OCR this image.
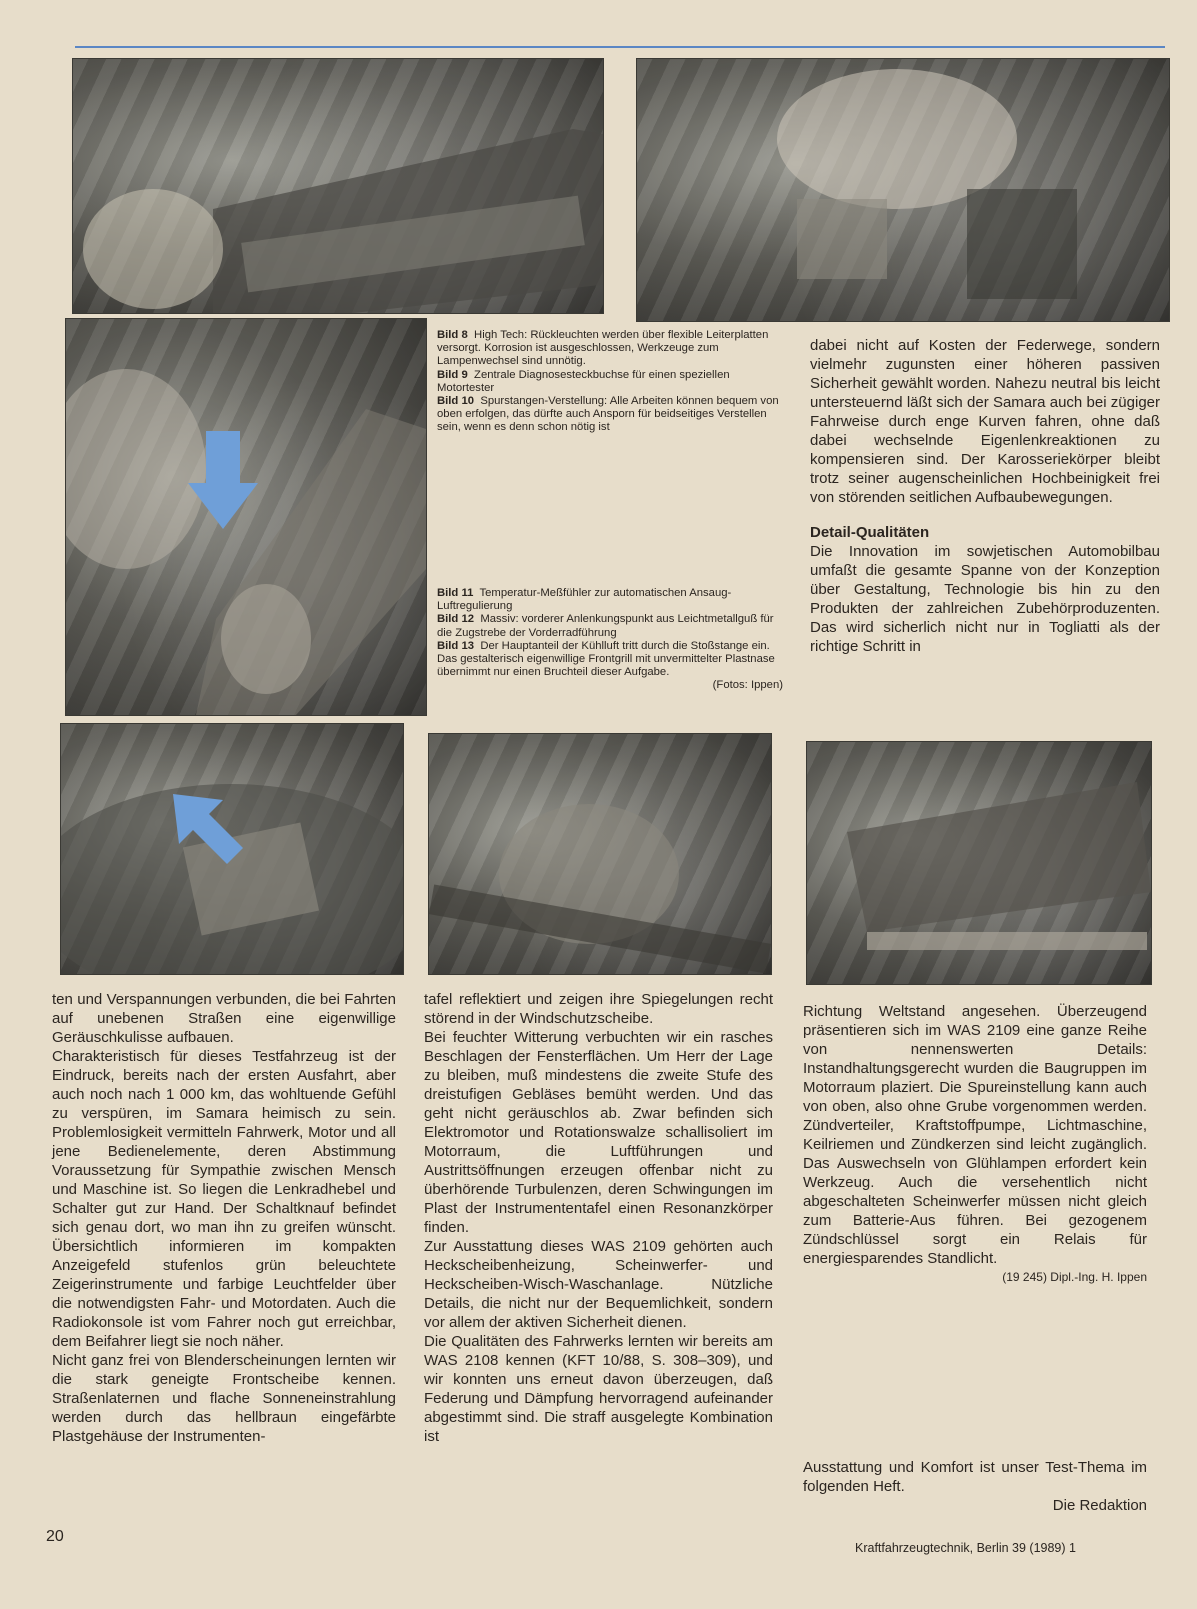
Bild 8 High Tech: Rückleuchten werden über flexible Leiterplatten versorgt. Korrosion ist ausgeschlossen, Werkzeuge zum Lampenwechsel sind unnötig.

Bild 9 Zentrale Diagnosesteckbuchse für einen speziellen Motortester

Bild 10 Spurstangen-Verstellung: Alle Arbeiten können bequem von oben erfolgen, das dürfte auch Ansporn für beidseitiges Verstellen sein, wenn es denn schon nötig ist

Bild 11 Temperatur-Meßfühler zur automatischen Ansaug-Luftregulierung

Bild 12 Massiv: vorderer Anlenkungspunkt aus Leichtmetallguß für die Zugstrebe der Vorderradführung

Bild 13 Der Hauptanteil der Kühlluft tritt durch die Stoßstange ein. Das gestalterisch eigenwillige Frontgrill mit unvermittelter Plastnase übernimmt nur einen Bruchteil dieser Aufgabe.

(Fotos: Ippen)

dabei nicht auf Kosten der Federwege, sondern vielmehr zugunsten einer höheren passiven Sicherheit gewählt worden. Nahezu neutral bis leicht untersteuernd läßt sich der Samara auch bei zügiger Fahrweise durch enge Kurven fahren, ohne daß dabei wechselnde Eigenlenkreaktionen zu kompensieren sind. Der Karosseriekörper bleibt trotz seiner augenscheinlichen Hochbeinigkeit frei von störenden seitlichen Aufbaubewegungen.

Detail-Qualitäten

Die Innovation im sowjetischen Automobilbau umfaßt die gesamte Spanne von der Konzeption über Gestaltung, Technologie bis hin zu den Produkten der zahlreichen Zubehörproduzenten. Das wird sicherlich nicht nur in Togliatti als der richtige Schritt in

ten und Verspannungen verbunden, die bei Fahrten auf unebenen Straßen eine eigenwillige Geräuschkulisse aufbauen.

Charakteristisch für dieses Testfahrzeug ist der Eindruck, bereits nach der ersten Ausfahrt, aber auch noch nach 1 000 km, das wohltuende Gefühl zu verspüren, im Samara heimisch zu sein. Problemlosigkeit vermitteln Fahrwerk, Motor und all jene Bedienelemente, deren Abstimmung Voraussetzung für Sympathie zwischen Mensch und Maschine ist. So liegen die Lenkradhebel und Schalter gut zur Hand. Der Schaltknauf befindet sich genau dort, wo man ihn zu greifen wünscht. Übersichtlich informieren im kompakten Anzeigefeld stufenlos grün beleuchtete Zeigerinstrumente und farbige Leuchtfelder über die notwendigsten Fahr- und Motordaten. Auch die Radiokonsole ist vom Fahrer noch gut erreichbar, dem Beifahrer liegt sie noch näher.

Nicht ganz frei von Blenderscheinungen lernten wir die stark geneigte Frontscheibe kennen. Straßenlaternen und flache Sonneneinstrahlung werden durch das hellbraun eingefärbte Plastgehäuse der Instrumenten-

tafel reflektiert und zeigen ihre Spiegelungen recht störend in der Windschutzscheibe.

Bei feuchter Witterung verbuchten wir ein rasches Beschlagen der Fensterflächen. Um Herr der Lage zu bleiben, muß mindestens die zweite Stufe des dreistufigen Gebläses bemüht werden. Und das geht nicht geräuschlos ab. Zwar befinden sich Elektromotor und Rotationswalze schallisoliert im Motorraum, die Luftführungen und Austrittsöffnungen erzeugen offenbar nicht zu überhörende Turbulenzen, deren Schwingungen im Plast der Instrumententafel einen Resonanzkörper finden.

Zur Ausstattung dieses WAS 2109 gehörten auch Heckscheibenheizung, Scheinwerfer- und Heckscheiben-Wisch-Waschanlage. Nützliche Details, die nicht nur der Bequemlichkeit, sondern vor allem der aktiven Sicherheit dienen.

Die Qualitäten des Fahrwerks lernten wir bereits am WAS 2108 kennen (KFT 10/88, S. 308–309), und wir konnten uns erneut davon überzeugen, daß Federung und Dämpfung hervorragend aufeinander abgestimmt sind. Die straff ausgelegte Kombination ist

Richtung Weltstand angesehen. Überzeugend präsentieren sich im WAS 2109 eine ganze Reihe von nennenswerten Details: Instandhaltungsgerecht wurden die Baugruppen im Motorraum plaziert. Die Spureinstellung kann auch von oben, also ohne Grube vorgenommen werden. Zündverteiler, Kraftstoffpumpe, Lichtmaschine, Keilriemen und Zündkerzen sind leicht zugänglich. Das Auswechseln von Glühlampen erfordert kein Werkzeug. Auch die versehentlich nicht abgeschalteten Scheinwerfer müssen nicht gleich zum Batterie-Aus führen. Bei gezogenem Zündschlüssel sorgt ein Relais für energiesparendes Standlicht.

(19 245) Dipl.-Ing. H. Ippen

Ausstattung und Komfort ist unser Test-Thema im folgenden Heft.

Die Redaktion

20
Kraftfahrzeugtechnik, Berlin 39 (1989) 1
